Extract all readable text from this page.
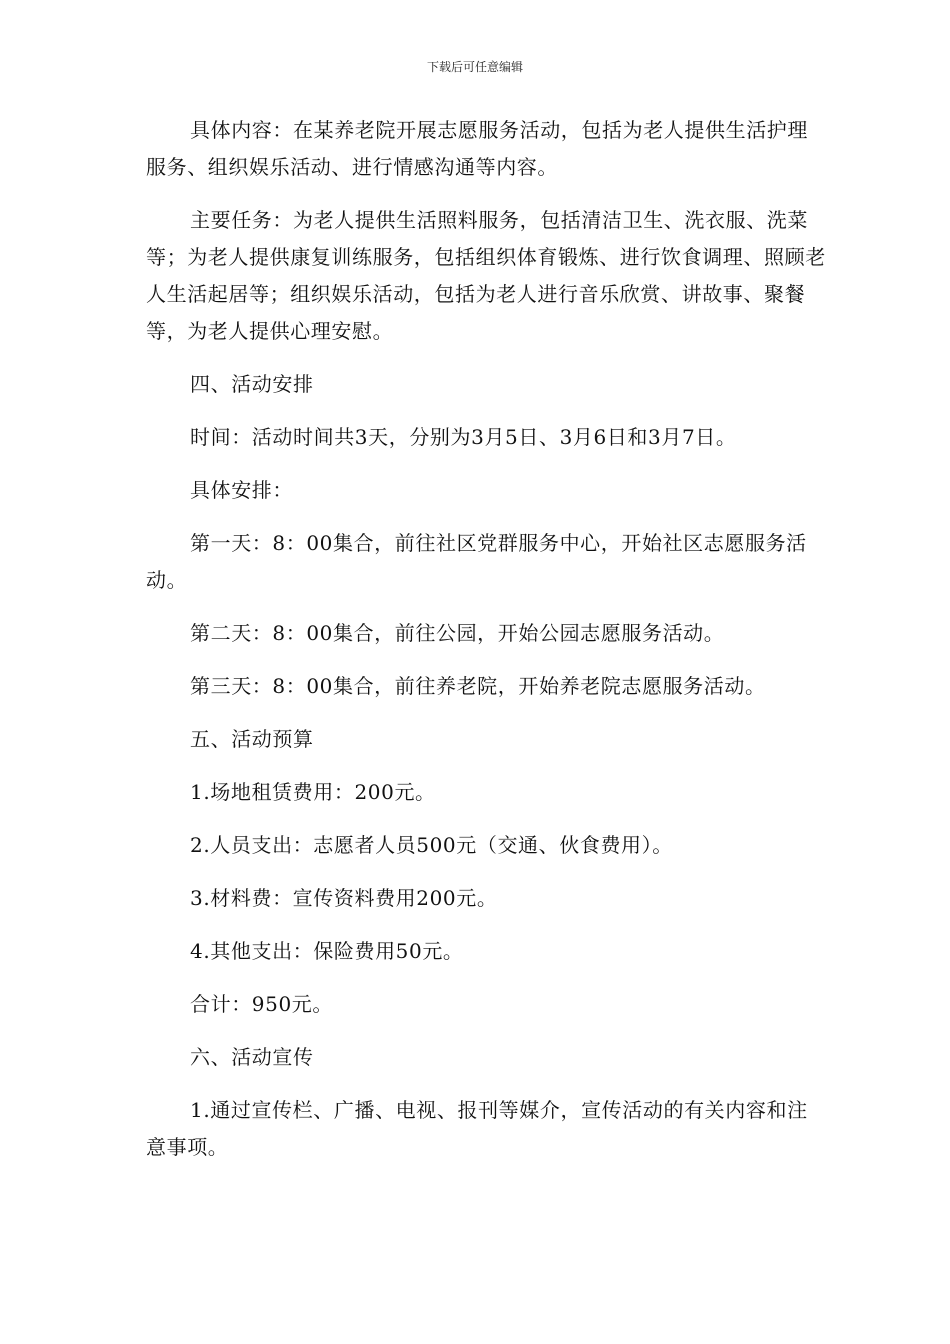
下载后可任意编辑

具体内容：在某养老院开展志愿服务活动，包括为老人提供生活护理服务、组织娱乐活动、进行情感沟通等内容。

主要任务：为老人提供生活照料服务，包括清洁卫生、洗衣服、洗菜等；为老人提供康复训练服务，包括组织体育锻炼、进行饮食调理、照顾老人生活起居等；组织娱乐活动，包括为老人进行音乐欣赏、讲故事、聚餐等，为老人提供心理安慰。

四、活动安排

时间：活动时间共3天，分别为3月5日、3月6日和3月7日。

具体安排：

第一天：8：00集合，前往社区党群服务中心，开始社区志愿服务活动。

第二天：8：00集合，前往公园，开始公园志愿服务活动。

第三天：8：00集合，前往养老院，开始养老院志愿服务活动。

五、活动预算

1.场地租赁费用：200元。

2.人员支出：志愿者人员500元（交通、伙食费用）。

3.材料费：宣传资料费用200元。

4.其他支出：保险费用50元。

合计：950元。

六、活动宣传

1.通过宣传栏、广播、电视、报刊等媒介，宣传活动的有关内容和注意事项。
